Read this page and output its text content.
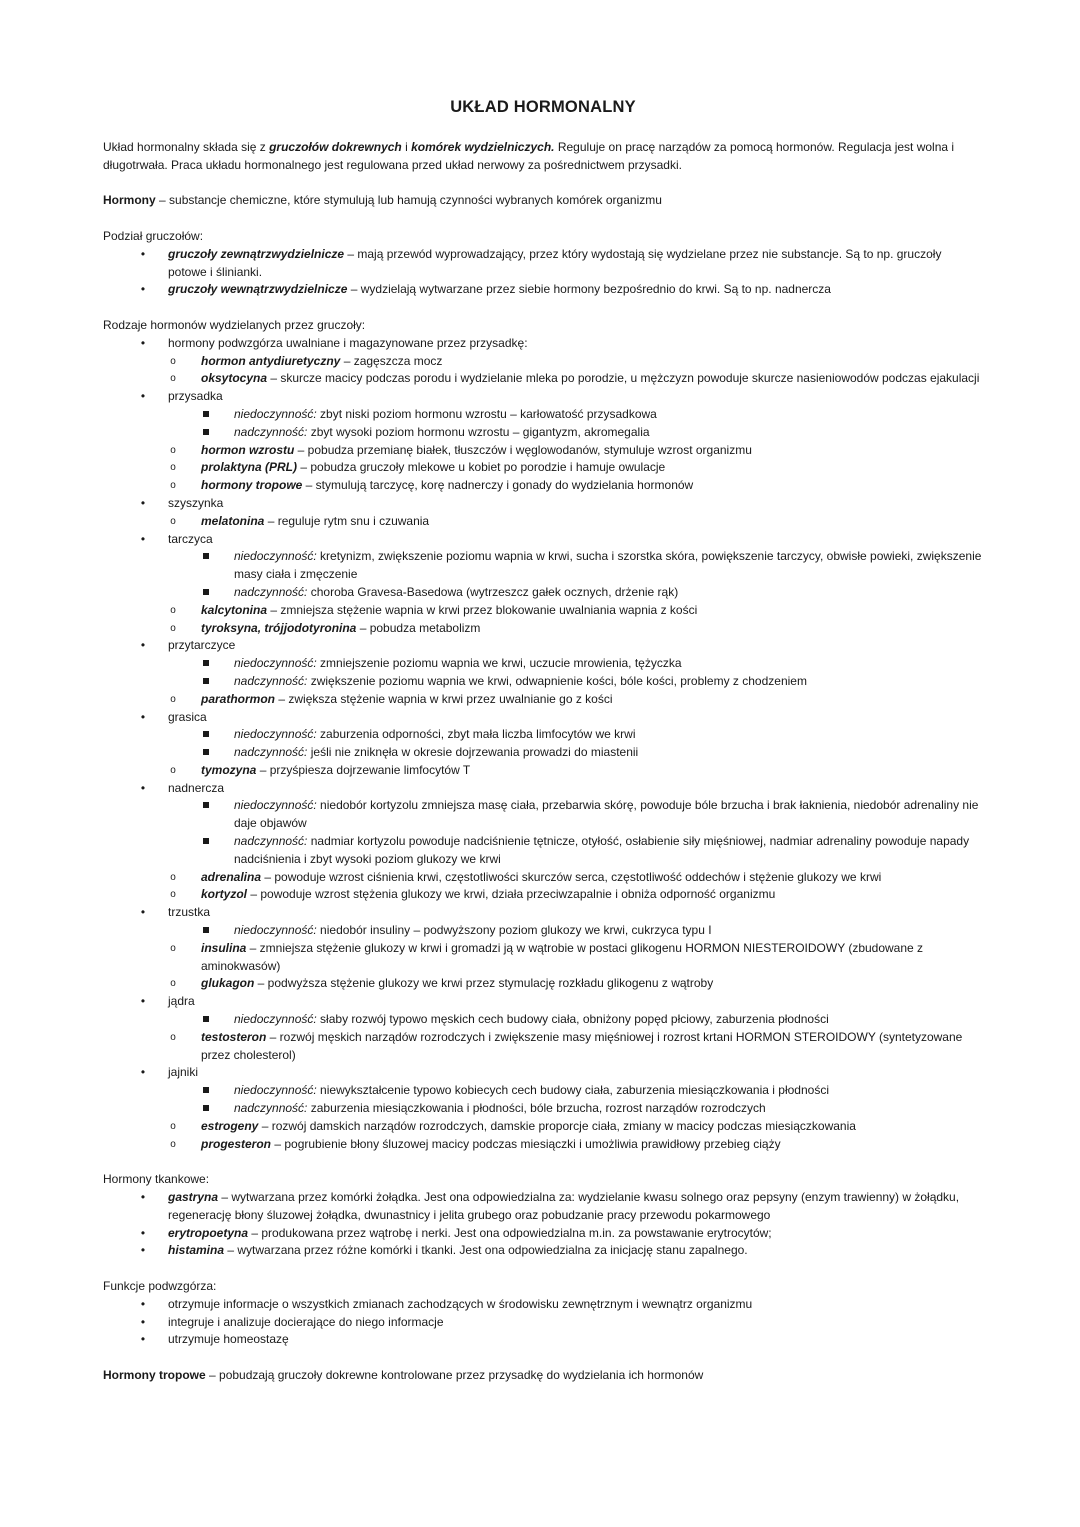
UKŁAD HORMONALNY

Układ hormonalny składa się z gruczołów dokrewnych i komórek wydzielniczych. Reguluje on pracę narządów za pomocą hormonów. Regulacja jest wolna i długotrwała. Praca układu hormonalnego jest regulowana przed układ nerwowy za pośrednictwem przysadki.

Hormony – substancje chemiczne, które stymulują lub hamują czynności wybranych komórek organizmu

Podział gruczołów:

• gruczoły zewnątrzwydzielnicze – mają przewód wyprowadzający, przez który wydostają się wydzielane przez nie substancje. Są to np. gruczoły potowe i ślinianki.
• gruczoły wewnątrzwydzielnicze – wydzielają wytwarzane przez siebie hormony bezpośrednio do krwi. Są to np. nadnercza

Rodzaje hormonów wydzielanych przez gruczoły:

• hormony podwzgórza uwalniane i magazynowane przez przysadkę:
o hormon antydiuretyczny – zagęszcza mocz
o oksytocyna – skurcze macicy podczas porodu i wydzielanie mleka po porodzie, u mężczyzn powoduje skurcze nasieniowodów podczas ejakulacji
• przysadka
niedoczynność: zbyt niski poziom hormonu wzrostu – karłowatość przysadkowa
nadczynność: zbyt wysoki poziom hormonu wzrostu – gigantyzm, akromegalia
o hormon wzrostu – pobudza przemianę białek, tłuszczów i węglowodanów, stymuluje wzrost organizmu
o prolaktyna (PRL) – pobudza gruczoły mlekowe u kobiet po porodzie i hamuje owulacje
o hormony tropowe – stymulują tarczycę, korę nadnerczy i gonady do wydzielania hormonów
• szyszynka
o melatonina – reguluje rytm snu i czuwania
• tarczyca
niedoczynność: kretynizm, zwiększenie poziomu wapnia w krwi, sucha i szorstka skóra, powiększenie tarczycy, obwisłe powieki, zwiększenie masy ciała i zmęczenie
nadczynność: choroba Gravesa-Basedowa (wytrzeszcz gałek ocznych, drżenie rąk)
o kalcytonina – zmniejsza stężenie wapnia w krwi przez blokowanie uwalniania wapnia z kości
o tyroksyna, trójjodotyronina – pobudza metabolizm
• przytarczyce
niedoczynność: zmniejszenie poziomu wapnia we krwi, uczucie mrowienia, tężyczka
nadczynność: zwiększenie poziomu wapnia we krwi, odwapnienie kości, bóle kości, problemy z chodzeniem
o parathormon – zwiększa stężenie wapnia w krwi przez uwalnianie go z kości
• grasica
niedoczynność: zaburzenia odporności, zbyt mała liczba limfocytów we krwi
nadczynność: jeśli nie zniknęła w okresie dojrzewania prowadzi do miastenii
o tymozyna – przyśpiesza dojrzewanie limfocytów T
• nadnercza
niedoczynność: niedobór kortyzolu zmniejsza masę ciała, przebarwia skórę, powoduje bóle brzucha i brak łaknienia, niedobór adrenaliny nie daje objawów
nadczynność: nadmiar kortyzolu powoduje nadciśnienie tętnicze, otyłość, osłabienie siły mięśniowej, nadmiar adrenaliny powoduje napady nadciśnienia i zbyt wysoki poziom glukozy we krwi
o adrenalina – powoduje wzrost ciśnienia krwi, częstotliwości skurczów serca, częstotliwość oddechów i stężenie glukozy we krwi
o kortyzol – powoduje wzrost stężenia glukozy we krwi, działa przeciwzapalnie i obniża odporność organizmu
• trzustka
niedoczynność: niedobór insuliny – podwyższony poziom glukozy we krwi, cukrzyca typu I
o insulina – zmniejsza stężenie glukozy w krwi i gromadzi ją w wątrobie w postaci glikogenu HORMON NIESTEROIDOWY (zbudowane z aminokwasów)
o glukagon – podwyższa stężenie glukozy we krwi przez stymulację rozkładu glikogenu z wątroby
• jądra
niedoczynność: słaby rozwój typowo męskich cech budowy ciała, obniżony popęd płciowy, zaburzenia płodności
o testosteron – rozwój męskich narządów rozrodczych i zwiększenie masy mięśniowej i rozrost krtani HORMON STEROIDOWY (syntetyzowane przez cholesterol)
• jajniki
niedoczynność: niewykształcenie typowo kobiecych cech budowy ciała, zaburzenia miesiączkowania i płodności
nadczynność: zaburzenia miesiączkowania i płodności, bóle brzucha, rozrost narządów rozrodczych
o estrogeny – rozwój damskich narządów rozrodczych, damskie proporcje ciała, zmiany w macicy podczas miesiączkowania
o progesteron – pogrubienie błony śluzowej macicy podczas miesiączki i umożliwia prawidłowy przebieg ciąży

Hormony tkankowe:

• gastryna – wytwarzana przez komórki żołądka. Jest ona odpowiedzialna za: wydzielanie kwasu solnego oraz pepsyny (enzym trawienny) w żołądku, regenerację błony śluzowej żołądka, dwunastnicy i jelita grubego oraz pobudzanie pracy przewodu pokarmowego
• erytropoetyna – produkowana przez wątrobę i nerki. Jest ona odpowiedzialna m.in. za powstawanie erytrocytów;
• histamina – wytwarzana przez różne komórki i tkanki. Jest ona odpowiedzialna za inicjację stanu zapalnego.

Funkcje podwzgórza:

• otrzymuje informacje o wszystkich zmianach zachodzących w środowisku zewnętrznym i wewnątrz organizmu
• integruje i analizuje docierające do niego informacje
• utrzymuje homeostazę

Hormony tropowe – pobudzają gruczoły dokrewne kontrolowane przez przysadkę do wydzielania ich hormonów
